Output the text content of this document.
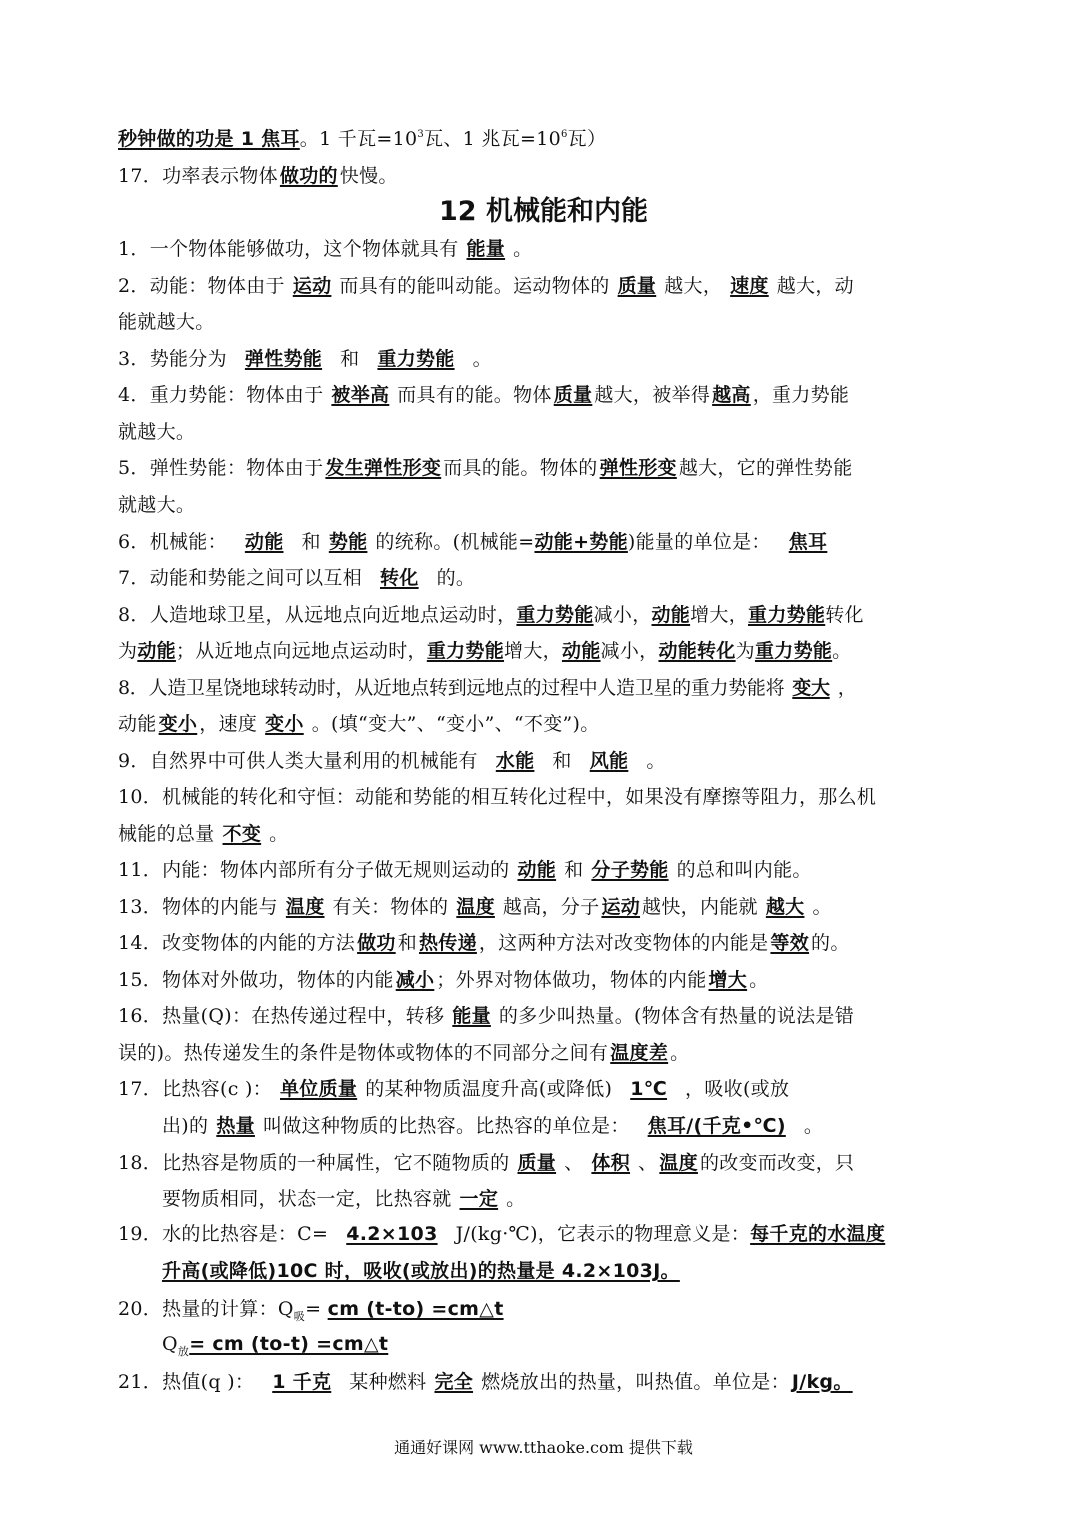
秒钟做的功是 1 焦耳。1 千瓦$=10^3$瓦、1 兆瓦$=10^6$瓦）
17．功率表示物体 做功的 快慢。
12 机械能和内能
1．一个物体能够做功，这个物体就具有 能量 。
2．动能：物体由于 运动 而具有的能叫动能。运动物体的 质量 越大， 速度 越大，动
能就越大。
3．势能分为 弹性势能 和 重力势能 。
4．重力势能：物体由于 被举高 而具有的能。物体 质量 越大，被举得 越高 ，重力势能
就越大。
5．弹性势能：物体由于 发生弹性形变 而具的能。物体的 弹性形变 越大，它的弹性势能
就越大。
6．机械能： 动能 和 势能 的统称。(机械能=动能+势能)能量的单位是： 焦耳
7．动能和势能之间可以互相 转化 的。
8．人造地球卫星，从远地点向近地点运动时，重力势能减小，动能增大，重力势能转化
为动能；从近地点向远地点运动时，重力势能增大，动能减小，动能转化为重力势能。
8．人造卫星饶地球转动时，从近地点转到远地点的过程中人造卫星的重力势能将 变大 ，
动能 变小 ，速度 变小 。(填“变大”、“变小”、“不变”)。
9．自然界中可供人类大量利用的机械能有 水能 和 风能 。
10．机械能的转化和守恒：动能和势能的相互转化过程中，如果没有摩擦等阻力，那么机
械能的总量 不变 。
11．内能：物体内部所有分子做无规则运动的 动能 和 分子势能 的总和叫内能。
13．物体的内能与 温度 有关：物体的 温度 越高，分子 运动 越快，内能就 越大 。
14．改变物体的内能的方法 做功 和 热传递 ，这两种方法对改变物体的内能是 等效 的。
15．物体对外做功，物体的内能 减小 ；外界对物体做功，物体的内能 增大 。
16．热量(Q)：在热传递过程中，转移 能量 的多少叫热量。(物体含有热量的说法是错
误的)。热传递发生的条件是物体或物体的不同部分之间有 温度差 。
17．比热容(c )： 单位质量 的某种物质温度升高(或降低) 1℃ ，吸收(或放
出)的 热量 叫做这种物质的比热容。比热容的单位是： 焦耳/(千克•℃) 。
18．比热容是物质的一种属性，它不随物质的 质量 、 体积 、 温度 的改变而改变，只
要物质相同，状态一定，比热容就 一定 。
19．水的比热容是：C= 4.2×103 J/(kg·℃)，它表示的物理意义是：每千克的水温度
升高(或降低)10C 时，吸收(或放出)的热量是 4.2×103J。
20．热量的计算：$Q_吸=$ cm (t-to) =cm△t
$Q_放=$ cm (to-t) =cm△t
21．热值(q )： 1 千克 某种燃料 完全 燃烧放出的热量，叫热值。单位是： J/kg。
通通好课网 www.tthaoke.com 提供下载
